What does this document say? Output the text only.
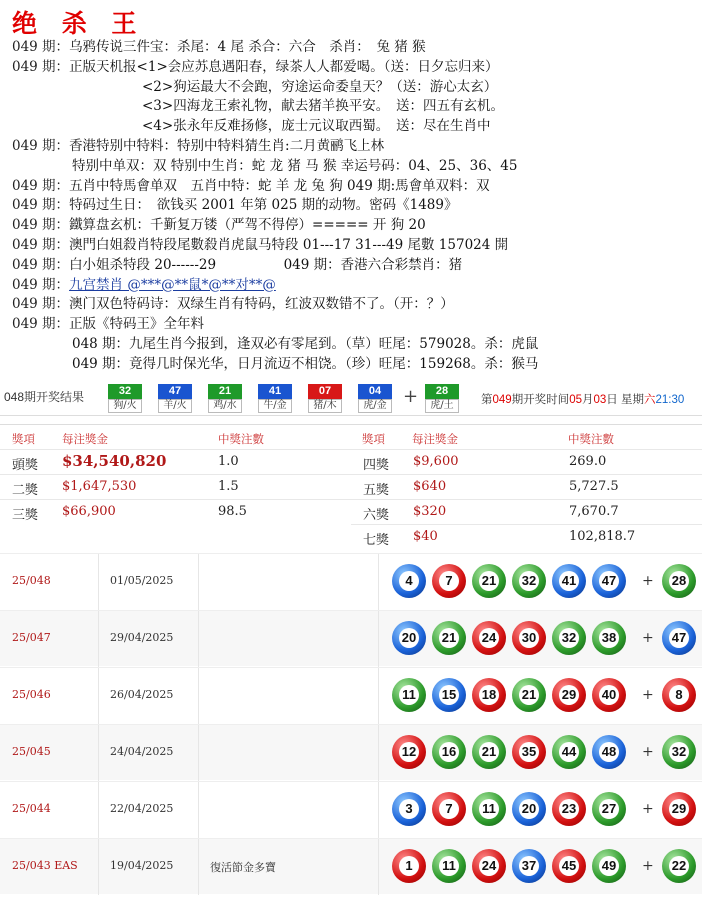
绝 杀 王
049 期：乌鸦传说三件宝：杀尾：4 尾 杀合：六合　杀肖：　兔 猪 猴
049 期：正版天机报<1>会应苏息遇阳春，绿茶人人都爱喝。（送：日夕忘归来）
<2>狗运最大不会跑，穷途运命委皇天？（送：游心太玄）
<3>四海龙王索礼物，献去猪羊换平安。　送：四五有玄机。
<4>张永年反难扬修，庞士元议取西蜀。　送：尽在生肖中
049 期：香港特别中特料：特别中特料猜生肖:二月黄鹂飞上林
特别中单双：双 特别中生肖：蛇 龙 猪 马 猴 幸运号码：04、25、36、45
049 期：五肖中特馬會单双　五肖中特：蛇 羊 龙 兔 狗 049 期:馬會单双料：双
049 期：特码过生日：　欲钱买 2001 年第 025 期的动物。密码《1489》
049 期：鐵算盘玄机：千斳复万镂（严驾不得停）===== 开 狗 20
049 期：澳門白姐殺肖特段尾數殺肖虎鼠马特段 01---17 31---49 尾數 157024 開
049 期：白小姐杀特段 20------29　　　　　049 期：香港六合彩禁肖：猪
049 期：九宫禁肖 @***@**鼠*@**对**@
049 期：澳门双色特码诗：双绿生肖有特码，红波双数错不了。（开：？）
049 期：正版《特码王》全年料
048 期：九尾生肖今报到，逢双必有零尾到。（草）旺尾：579028。杀：虎鼠
049 期：竟得几时保光华，日月流迈不相饶。（珍）旺尾：159268。杀：猴马
048期开奖结果	32
狗/火
47
羊/火
21
鸡/水
41
牛/金
07
猪/木
04
虎/金
28
虎/土
+	第049期开奖时间05月03日 星期六21:30
獎項 每注獎金	中獎注數	獎項 每注獎金	中獎注數
頭獎 $34,540,820	1.0
二獎 $1,647,530	1.5
三獎 $66,900	98.5
四獎 $9,600	269.0
五獎 $640	5,727.5
六獎 $320	7,670.7
七獎 $40	102,818.7
25/048	01/05/2025	4	7	21 32 41 47 + 28
25/047	29/04/2025	20 21 24 30 32 38 + 47
25/046	26/04/2025	11 15 18 21 29 40 +	8
25/045	24/04/2025	12 16 21 35 44 48 + 32
25/044	22/04/2025	3	7	11 20 23 27 + 29
25/043 EAS	19/04/2025	復活節金多寶	1	11 24 37 45 49 + 22
